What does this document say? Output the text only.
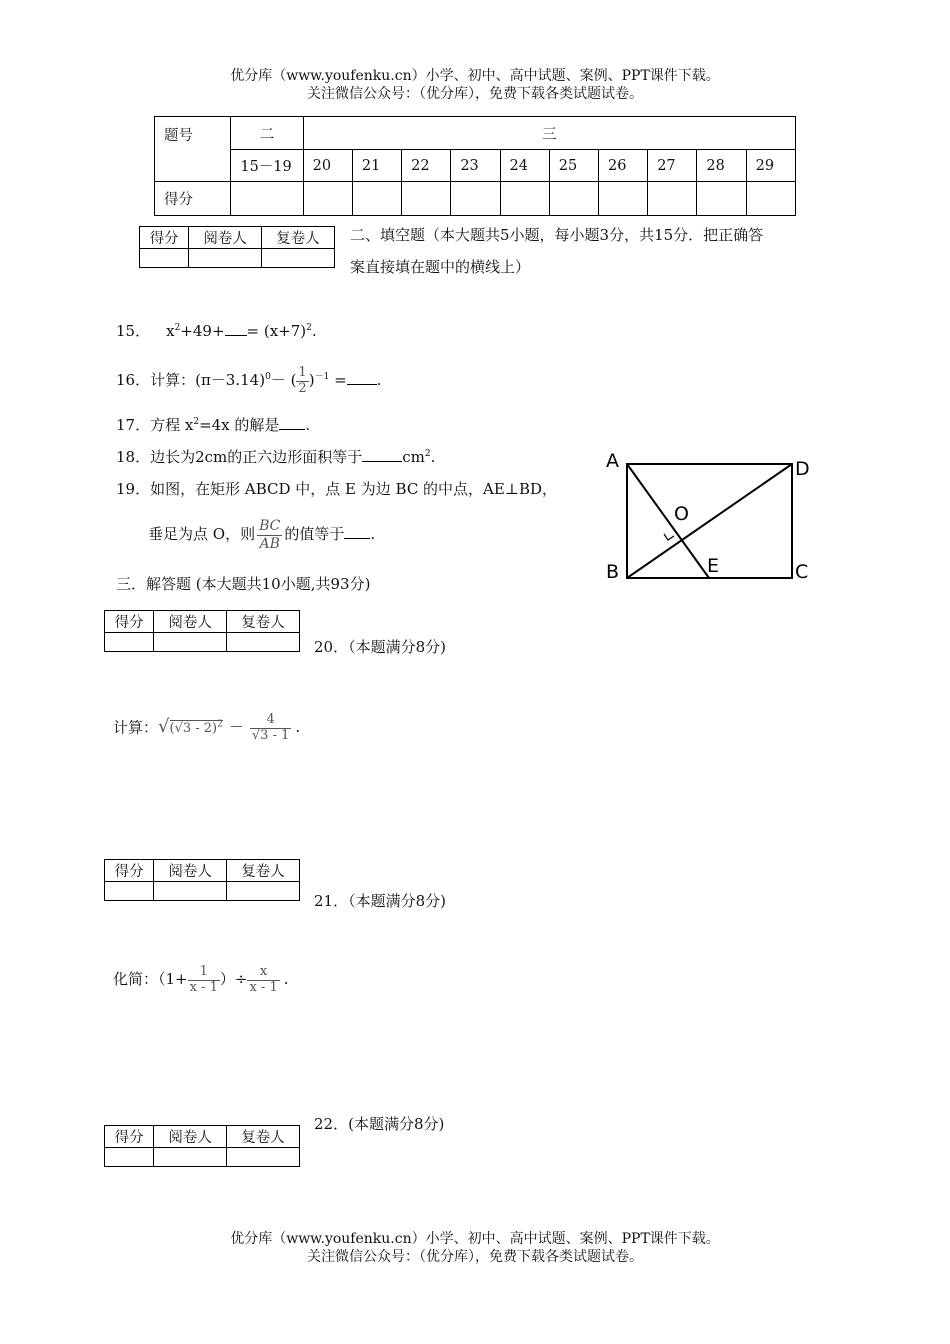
优分库（www.youfenku.cn）小学、初中、高中试题、案例、PPT课件下载。
关注微信公众号：（优分库），免费下载各类试题试卷。
题号	二	三									
	15－19	20	21	22	23	24	25	26	27	28	29
得分											
得分	阅卷人	复卷人
		二、填空题（本大题共5小题，每小题3分，共15分．把正确答
案直接填在题中的横线上）
15． $x^2+49+ = (x+7)^2$.
16．计算：$(\pi-3.14)^0-$ ( $\frac{1}{2} )^{-1}$ = .
17．方程 $x^2=4x$ 的解是 .
18．边长为2cm的正六边形面积等于	$cm^2$.
19．如图，在矩形 ABCD 中，点 E 为边 BC 的中点，AE⊥BD，
垂足为点 O，则 $\frac{BC}{AB}$ 的值等于 .
A
B	C
D
E
O
三．解答题 (本大题共10小题,共93分)
得分	阅卷人	复卷人

20．（本题满分8分)
计算：$√(√3 - 2)^2 - \frac{4}{√3 - 1}$ .
得分	阅卷人	复卷人

21．（本题满分8分)
化简：（$1+ \frac{1}{x - 1}$ ）÷ $\frac{x}{x - 1}$ .
得分	阅卷人	复卷人

22．(本题满分8分)
优分库（www.youfenku.cn）小学、初中、高中试题、案例、PPT课件下载。
关注微信公众号：（优分库），免费下载各类试题试卷。
